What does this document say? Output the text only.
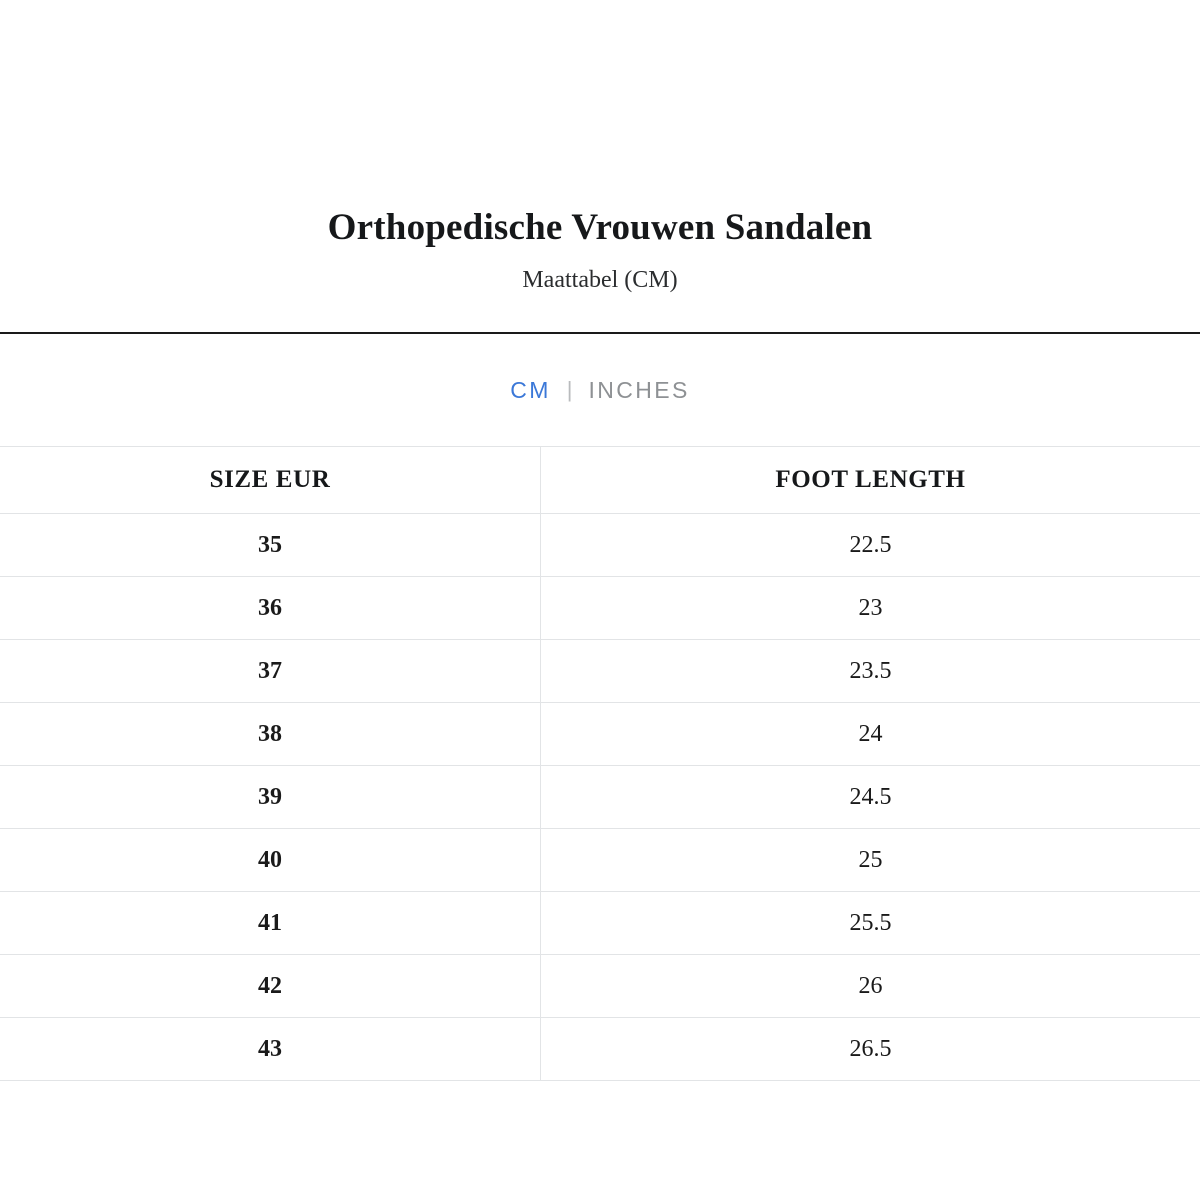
Orthopedische Vrouwen Sandalen

Maattabel (CM)

CM | INCHES
SIZE EUR	FOOT LENGTH
35	22.5
36	23
37	23.5
38	24
39	24.5
40	25
41	25.5
42	26
43	26.5
